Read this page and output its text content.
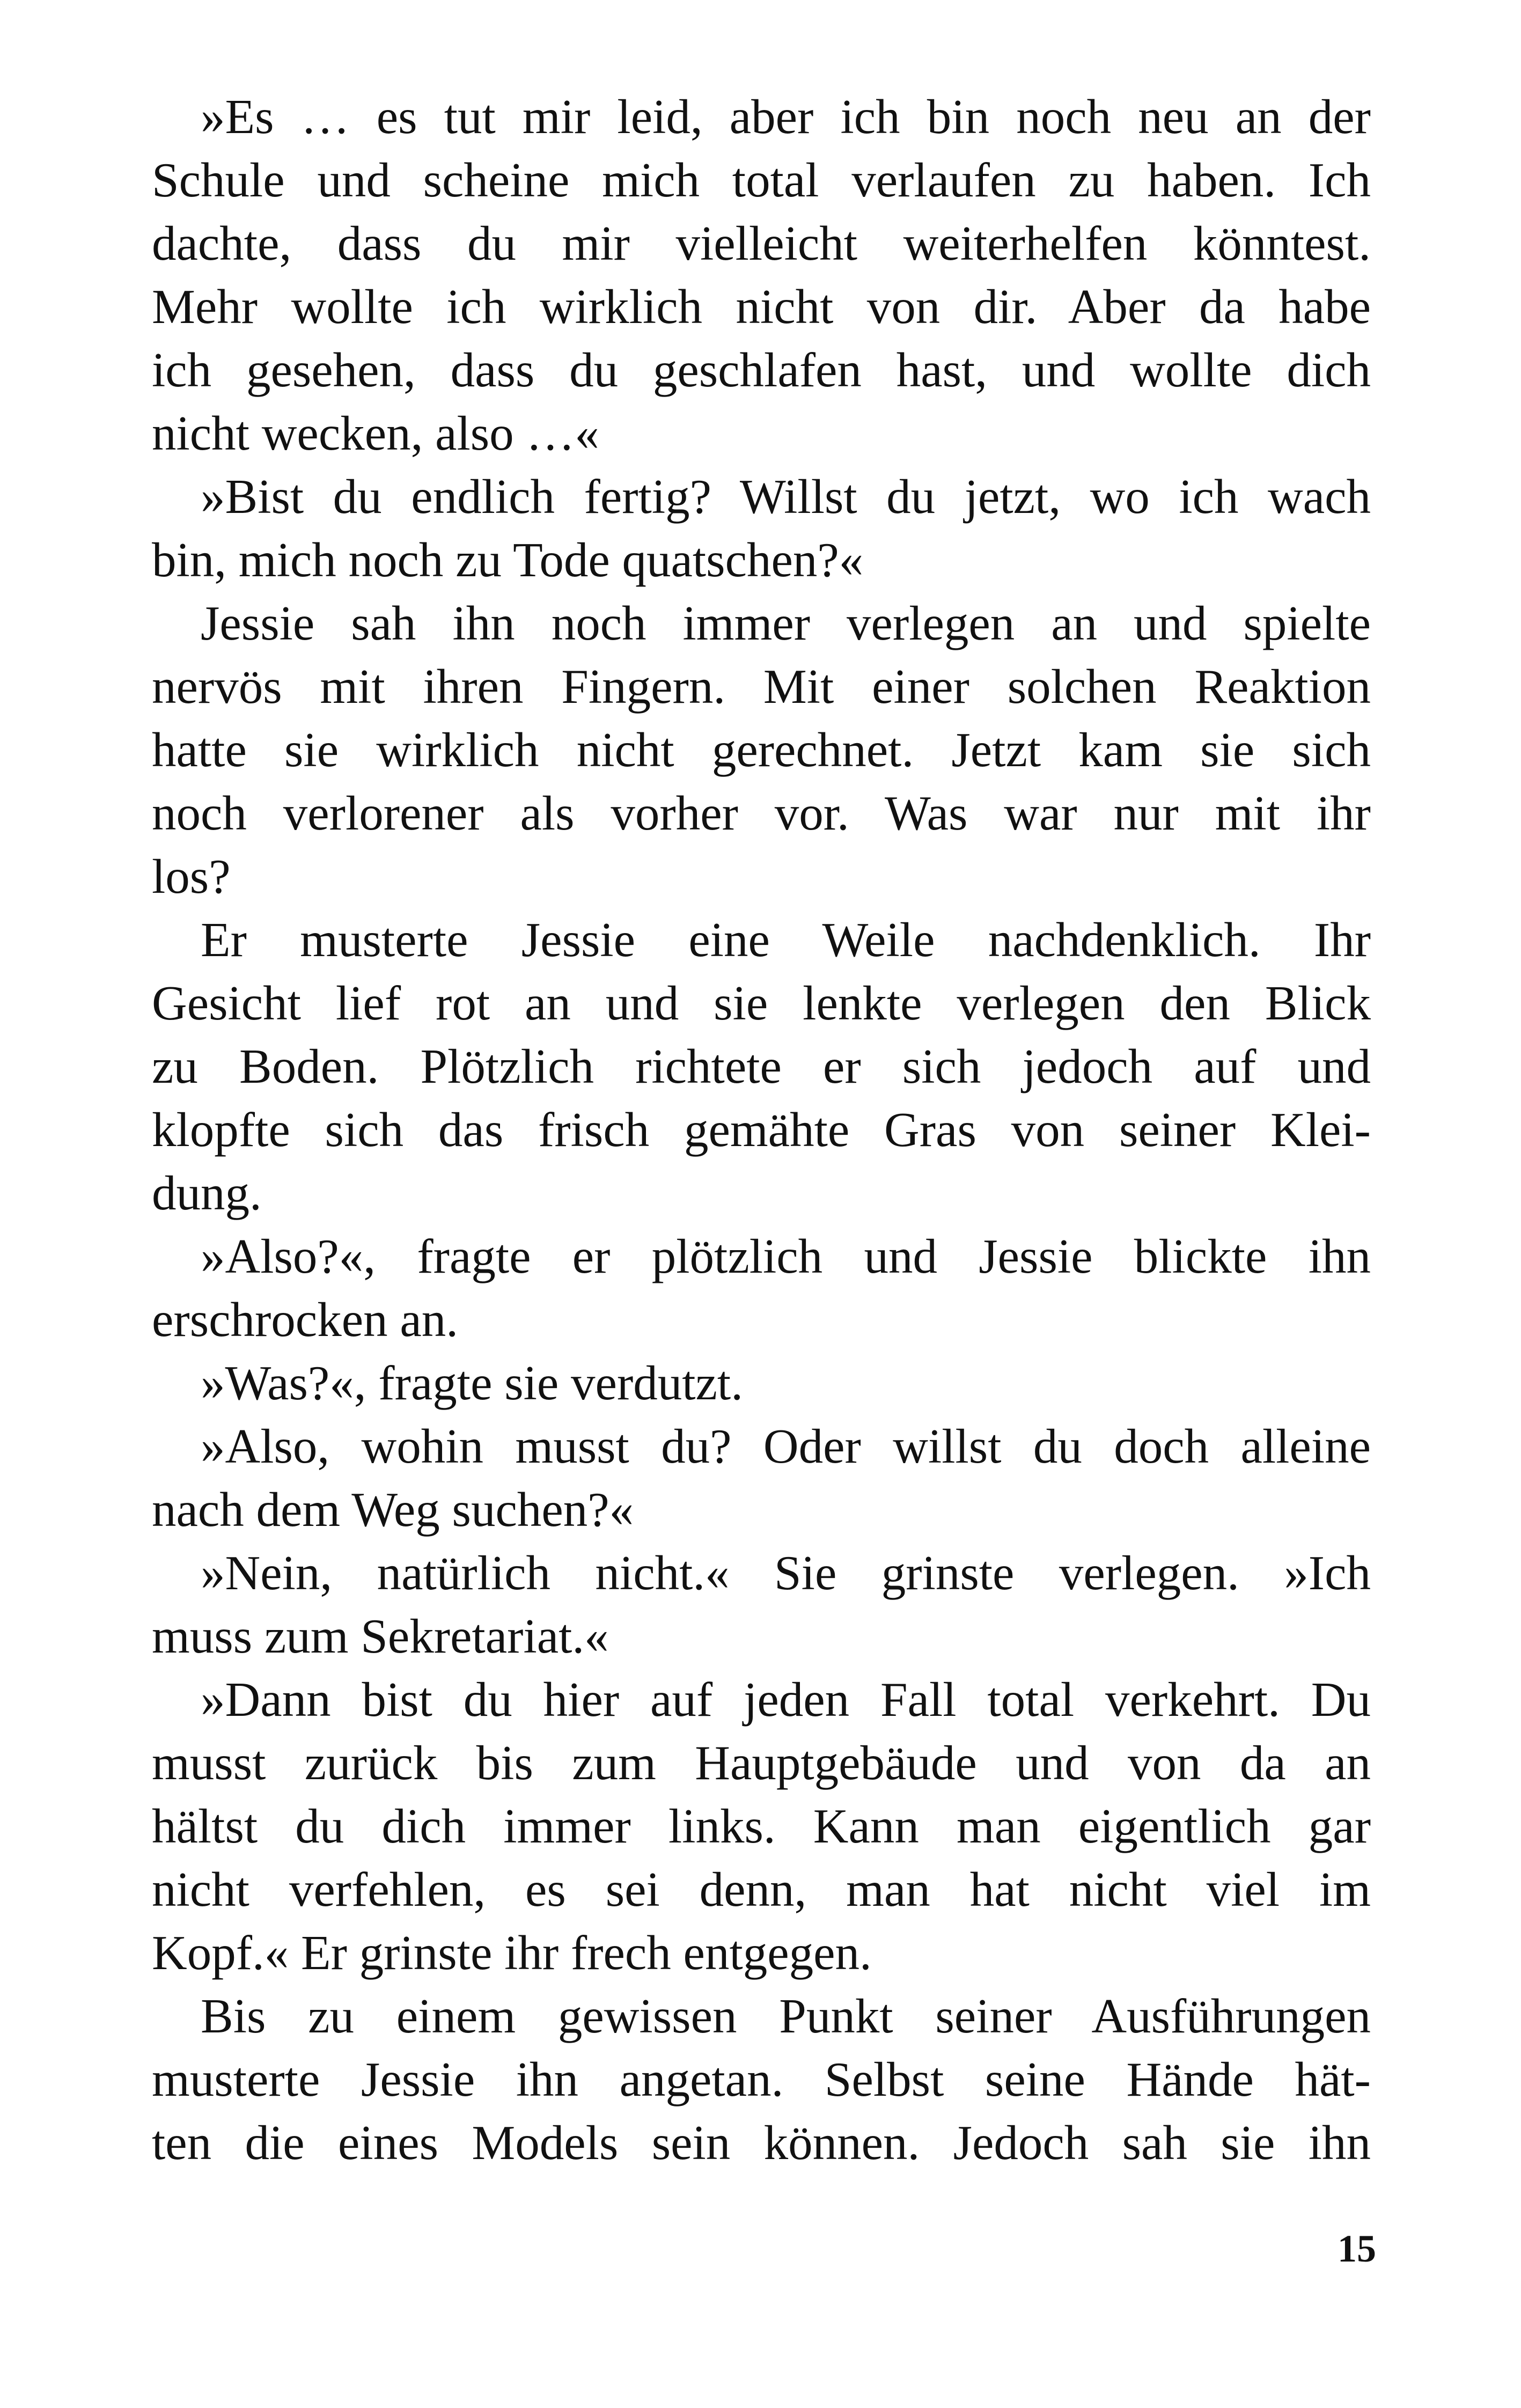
»Es … es tut mir leid, aber ich bin noch neu an der
Schule und scheine mich total verlaufen zu haben. Ich
dachte, dass du mir vielleicht weiterhelfen könntest.
Mehr wollte ich wirklich nicht von dir. Aber da habe
ich gesehen, dass du geschlafen hast, und wollte dich
nicht wecken, also …«
»Bist du endlich fertig? Willst du jetzt, wo ich wach
bin, mich noch zu Tode quatschen?«
Jessie sah ihn noch immer verlegen an und spielte
nervös mit ihren Fingern. Mit einer solchen Reaktion
hatte sie wirklich nicht gerechnet. Jetzt kam sie sich
noch verlorener als vorher vor. Was war nur mit ihr
los?
Er musterte Jessie eine Weile nachdenklich. Ihr
Gesicht lief rot an und sie lenkte verlegen den Blick
zu Boden. Plötzlich richtete er sich jedoch auf und
klopfte sich das frisch gemähte Gras von seiner Klei-
dung.
»Also?«, fragte er plötzlich und Jessie blickte ihn
erschrocken an.
»Was?«, fragte sie verdutzt.
»Also, wohin musst du? Oder willst du doch alleine
nach dem Weg suchen?«
»Nein, natürlich nicht.« Sie grinste verlegen. »Ich
muss zum Sekretariat.«
»Dann bist du hier auf jeden Fall total verkehrt. Du
musst zurück bis zum Hauptgebäude und von da an
hältst du dich immer links. Kann man eigentlich gar
nicht verfehlen, es sei denn, man hat nicht viel im
Kopf.« Er grinste ihr frech entgegen.
Bis zu einem gewissen Punkt seiner Ausführungen
musterte Jessie ihn angetan. Selbst seine Hände hät-
ten die eines Models sein können. Jedoch sah sie ihn
15
